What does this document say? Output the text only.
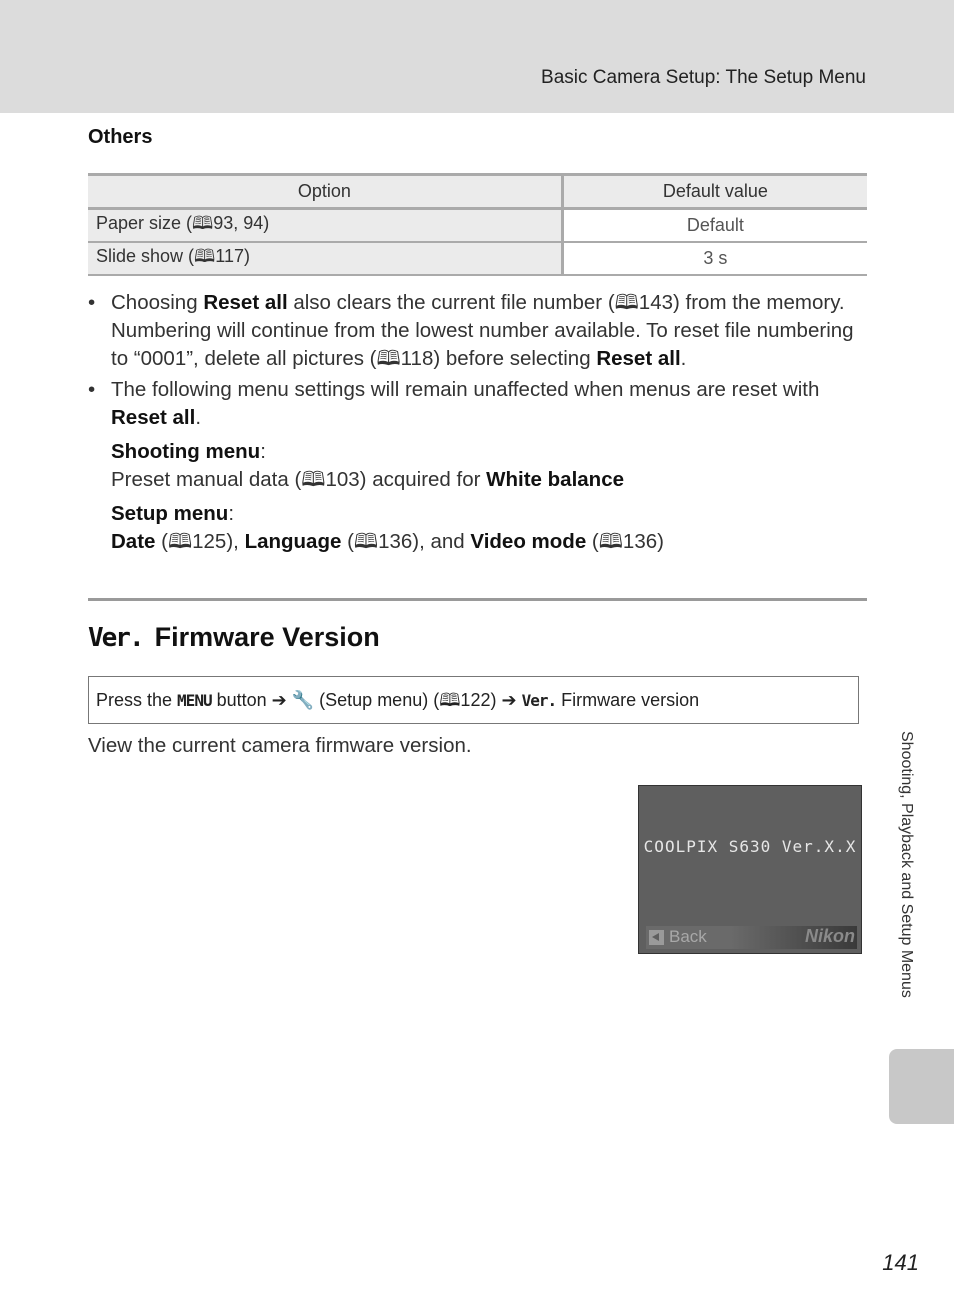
Basic Camera Setup: The Setup Menu
Others
Option	Default value
Paper size (🕮93, 94)	Default
Slide show (🕮117)	3 s
• Choosing Reset all also clears the current file number (🕮143) from the memory. Numbering will continue from the lowest number available. To reset file numbering to “0001”, delete all pictures (🕮118) before selecting Reset all.
• The following menu settings will remain unaffected when menus are reset with Reset all.
Shooting menu:
Preset manual data (🕮103) acquired for White balance
Setup menu:
Date (🕮125), Language (🕮136), and Video mode (🕮136)
Ver. Firmware Version
Press the MENU button ➔ 🔧 (Setup menu) (🕮122) ➔ Ver. Firmware version
View the current camera firmware version.
COOLPIX S630 Ver.X.X
Back	Nikon	Shooting, Playback and Setup Menus
141
